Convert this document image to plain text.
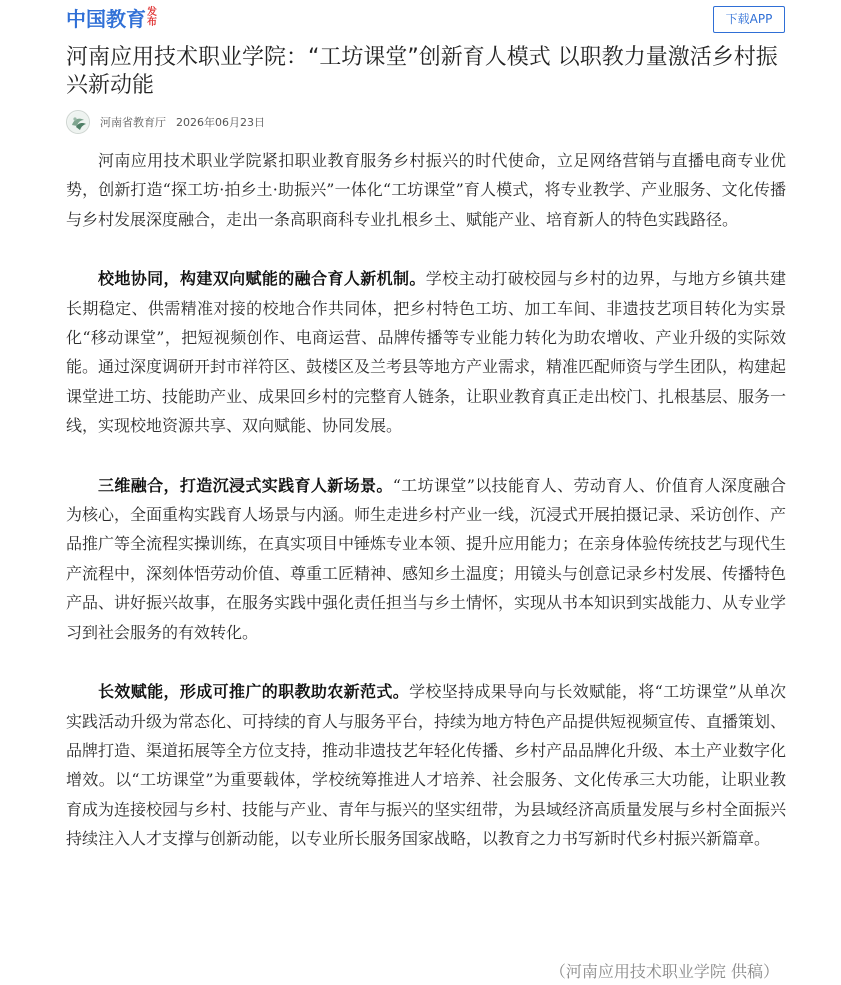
中国教育 发布	下载APP
河南应用技术职业学院：“工坊课堂”创新育人模式 以职教力量激活乡村振兴新动能
河南省教育厅 2026年06月23日

河南应用技术职业学院紧扣职业教育服务乡村振兴的时代使命，立足网络营销与直播电商专业优势，创新打造“探工坊·拍乡土·助振兴”一体化“工坊课堂”育人模式，将专业教学、产业服务、文化传播与乡村发展深度融合，走出一条高职商科专业扎根乡土、赋能产业、培育新人的特色实践路径。

校地协同，构建双向赋能的融合育人新机制。学校主动打破校园与乡村的边界，与地方乡镇共建长期稳定、供需精准对接的校地合作共同体，把乡村特色工坊、加工车间、非遗技艺项目转化为实景化“移动课堂”，把短视频创作、电商运营、品牌传播等专业能力转化为助农增收、产业升级的实际效能。通过深度调研开封市祥符区、鼓楼区及兰考县等地方产业需求，精准匹配师资与学生团队，构建起课堂进工坊、技能助产业、成果回乡村的完整育人链条，让职业教育真正走出校门、扎根基层、服务一线，实现校地资源共享、双向赋能、协同发展。

三维融合，打造沉浸式实践育人新场景。“工坊课堂”以技能育人、劳动育人、价值育人深度融合为核心，全面重构实践育人场景与内涵。师生走进乡村产业一线，沉浸式开展拍摄记录、采访创作、产品推广等全流程实操训练，在真实项目中锤炼专业本领、提升应用能力；在亲身体验传统技艺与现代生产流程中，深刻体悟劳动价值、尊重工匠精神、感知乡土温度；用镜头与创意记录乡村发展、传播特色产品、讲好振兴故事，在服务实践中强化责任担当与乡土情怀，实现从书本知识到实战能力、从专业学习到社会服务的有效转化。

长效赋能，形成可推广的职教助农新范式。学校坚持成果导向与长效赋能，将“工坊课堂”从单次实践活动升级为常态化、可持续的育人与服务平台，持续为地方特色产品提供短视频宣传、直播策划、品牌打造、渠道拓展等全方位支持，推动非遗技艺年轻化传播、乡村产品品牌化升级、本土产业数字化增效。以“工坊课堂”为重要载体，学校统筹推进人才培养、社会服务、文化传承三大功能，让职业教育成为连接校园与乡村、技能与产业、青年与振兴的坚实纽带，为县域经济高质量发展与乡村全面振兴持续注入人才支撑与创新动能，以专业所长服务国家战略，以教育之力书写新时代乡村振兴新篇章。

（河南应用技术职业学院 供稿）
